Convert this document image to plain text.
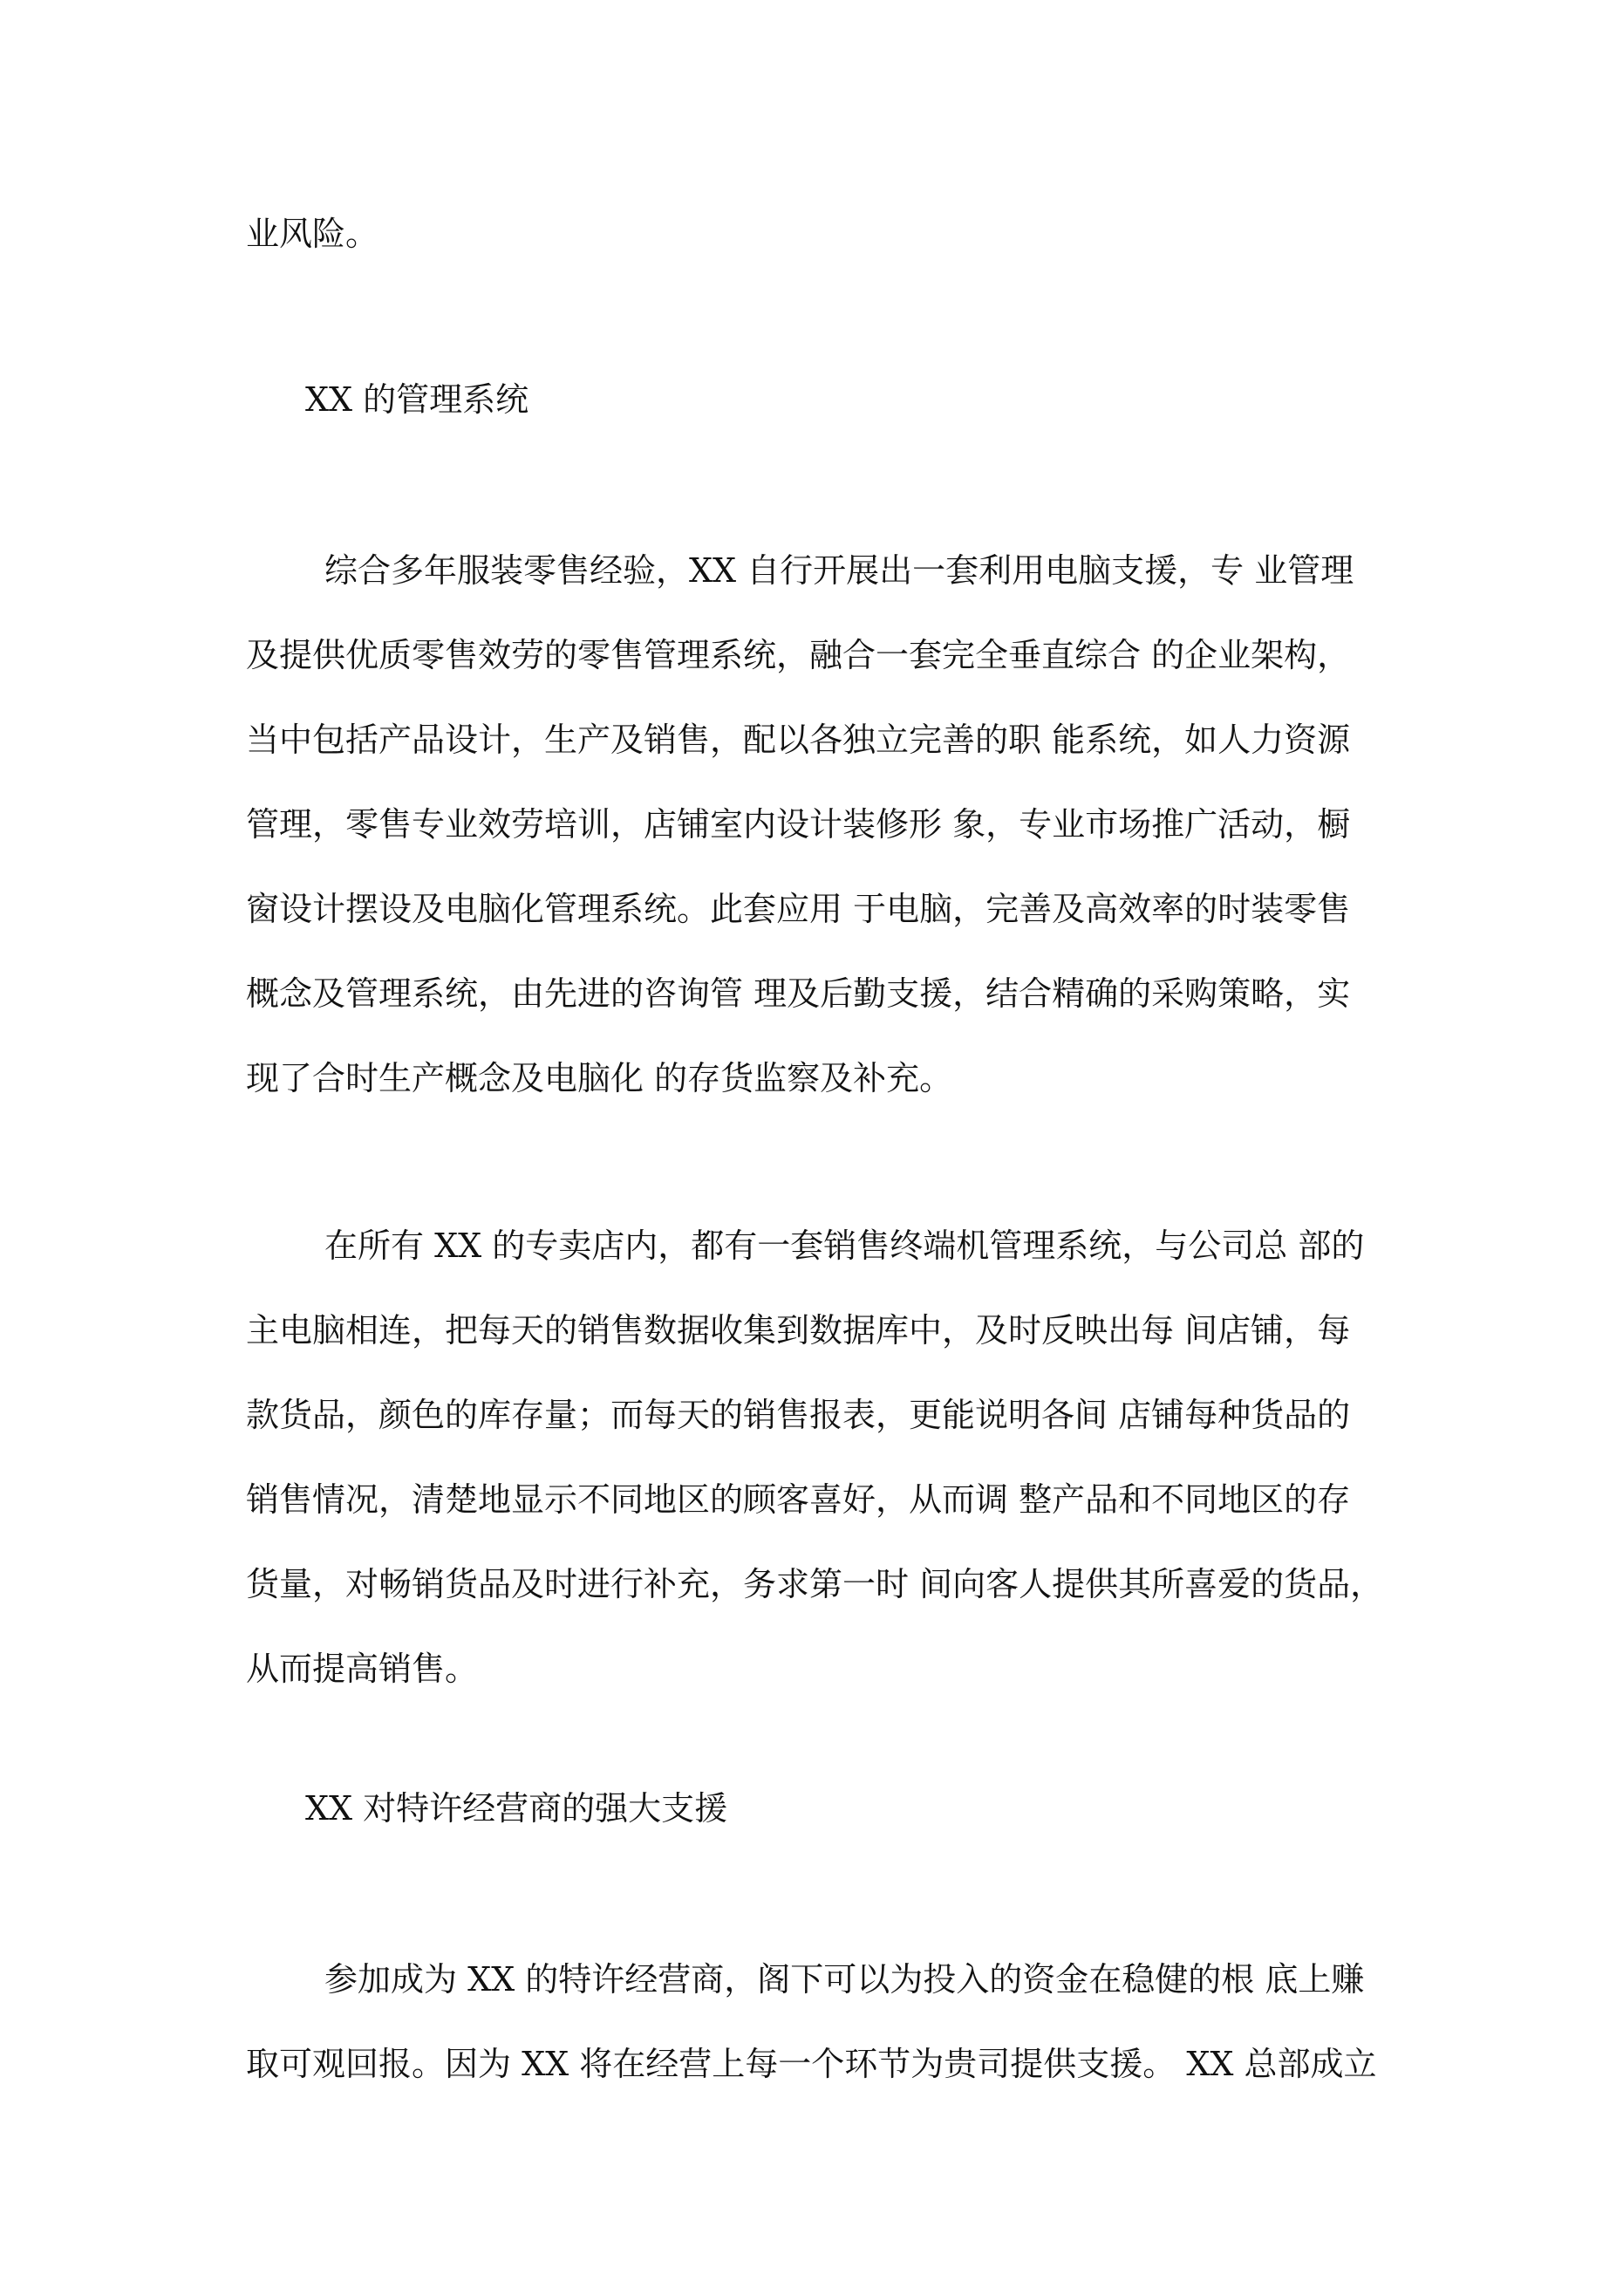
业风险。
XX 的管理系统
综合多年服装零售经验，XX 自行开展出一套利用电脑支援，专 业管理
及提供优质零售效劳的零售管理系统，融合一套完全垂直综合 的企业架构，
当中包括产品设计，生产及销售，配以各独立完善的职 能系统，如人力资源
管理，零售专业效劳培训，店铺室内设计装修形 象，专业市场推广活动，橱
窗设计摆设及电脑化管理系统。此套应用 于电脑，完善及高效率的时装零售
概念及管理系统，由先进的咨询管 理及后勤支援，结合精确的采购策略，实
现了合时生产概念及电脑化 的存货监察及补充。
在所有 XX 的专卖店内，都有一套销售终端机管理系统，与公司总 部的
主电脑相连，把每天的销售数据收集到数据库中，及时反映出每 间店铺，每
款货品，颜色的库存量；而每天的销售报表，更能说明各间 店铺每种货品的
销售情况，清楚地显示不同地区的顾客喜好，从而调 整产品和不同地区的存
货量，对畅销货品及时进行补充，务求第一时 间向客人提供其所喜爱的货品，
从而提高销售。
XX 对特许经营商的强大支援
参加成为 XX 的特许经营商，阁下可以为投入的资金在稳健的根 底上赚
取可观回报。因为 XX 将在经营上每一个环节为贵司提供支援。 XX 总部成立
